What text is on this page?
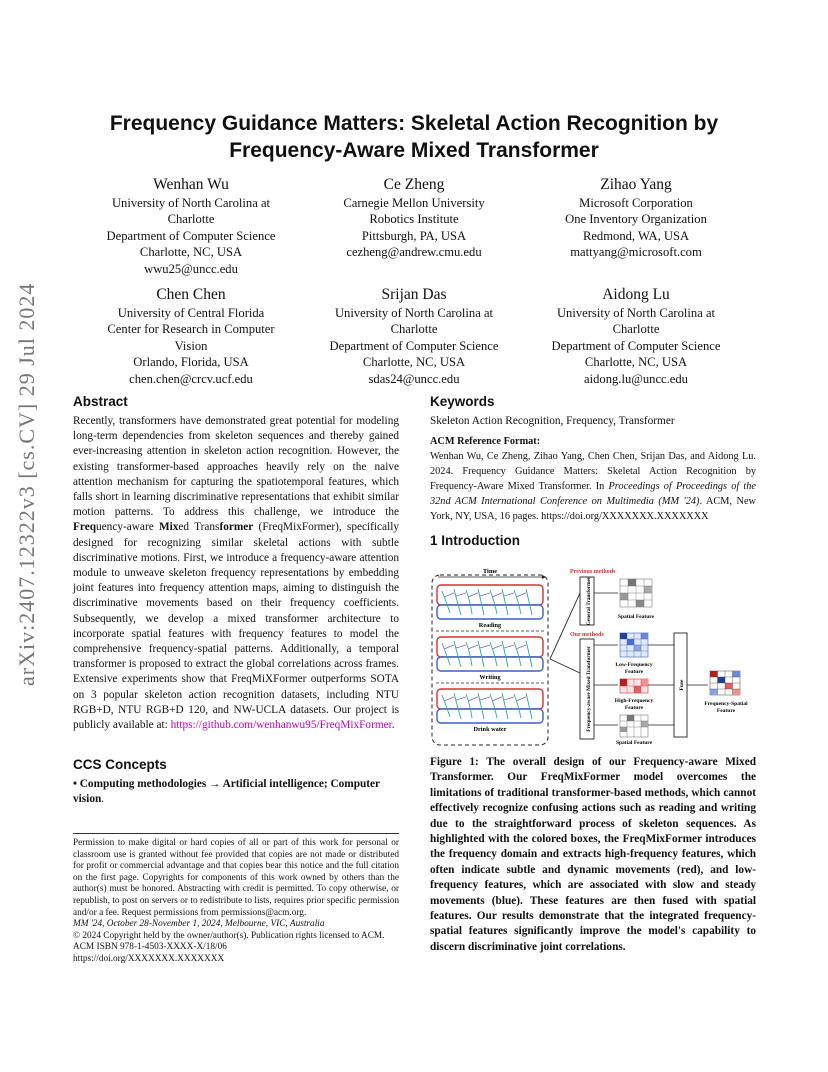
arXiv:2407.12322v3 [cs.CV] 29 Jul 2024
Frequency Guidance Matters: Skeletal Action Recognition by
Frequency-Aware Mixed Transformer
Wenhan Wu
University of North Carolina at
Charlotte
Department of Computer Science
Charlotte, NC, USA
wwu25@uncc.edu
Ce Zheng
Carnegie Mellon University
Robotics Institute
Pittsburgh, PA, USA
cezheng@andrew.cmu.edu
Zihao Yang
Microsoft Corporation
One Inventory Organization
Redmond, WA, USA
mattyang@microsoft.com
Chen Chen
University of Central Florida
Center for Research in Computer
Vision
Orlando, Florida, USA
chen.chen@crcv.ucf.edu
Srijan Das
University of North Carolina at
Charlotte
Department of Computer Science
Charlotte, NC, USA
sdas24@uncc.edu
Aidong Lu
University of North Carolina at
Charlotte
Department of Computer Science
Charlotte, NC, USA
aidong.lu@uncc.edu
Abstract
Recently, transformers have demonstrated great potential for modeling long-term dependencies from skeleton sequences and thereby gained ever-increasing attention in skeleton action recognition. However, the existing transformer-based approaches heavily rely on the naive attention mechanism for capturing the spatiotemporal features, which falls short in learning discriminative representations that exhibit similar motion patterns. To address this challenge, we introduce the Frequency-aware Mixed Transformer (FreqMixFormer), specifically designed for recognizing similar skeletal actions with subtle discriminative motions. First, we introduce a frequency-aware attention module to unweave skeleton frequency representations by embedding joint features into frequency attention maps, aiming to distinguish the discriminative movements based on their frequency coefficients. Subsequently, we develop a mixed transformer architecture to incorporate spatial features with frequency features to model the comprehensive frequency-spatial patterns. Additionally, a temporal transformer is proposed to extract the global correlations across frames. Extensive experiments show that FreqMiXFormer outperforms SOTA on 3 popular skeleton action recognition datasets, including NTU RGB+D, NTU RGB+D 120, and NW-UCLA datasets. Our project is publicly available at: https://github.com/wenhanwu95/FreqMixFormer.
CCS Concepts
• Computing methodologies → Artificial intelligence; Computer vision.
Permission to make digital or hard copies of all or part of this work for personal or classroom use is granted without fee provided that copies are not made or distributed for profit or commercial advantage and that copies bear this notice and the full citation on the first page. Copyrights for components of this work owned by others than the author(s) must be honored. Abstracting with credit is permitted. To copy otherwise, or republish, to post on servers or to redistribute to lists, requires prior specific permission and/or a fee. Request permissions from permissions@acm.org.
MM '24, October 28-November 1, 2024, Melbourne, VIC, Australia
© 2024 Copyright held by the owner/author(s). Publication rights licensed to ACM.
ACM ISBN 978-1-4503-XXXX-X/18/06
https://doi.org/XXXXXXX.XXXXXXX
Keywords
Skeleton Action Recognition, Frequency, Transformer
ACM Reference Format:
Wenhan Wu, Ce Zheng, Zihao Yang, Chen Chen, Srijan Das, and Aidong Lu. 2024. Frequency Guidance Matters: Skeletal Action Recognition by Frequency-Aware Mixed Transformer. In Proceedings of Proceedings of the 32nd ACM International Conference on Multimedia (MM '24). ACM, New York, NY, USA, 16 pages. https://doi.org/XXXXXXX.XXXXXXX
1 Introduction
Time
Reading
Writing
Drink water
Previous methods
General Transformer	Spatial Feature
Our methods
Frequency-aware Mixed Transformer	Low-Frequency
Feature
High-Frequency
Feature
Spatial Feature
Fuse
Frequency-Spatial
Feature
Figure 1: The overall design of our Frequency-aware Mixed Transformer. Our FreqMixFormer model overcomes the limitations of traditional transformer-based methods, which cannot effectively recognize confusing actions such as reading and writing due to the straightforward process of skeleton sequences. As highlighted with the colored boxes, the FreqMixFormer introduces the frequency domain and extracts high-frequency features, which often indicate subtle and dynamic movements (red), and low-frequency features, which are associated with slow and steady movements (blue). These features are then fused with spatial features. Our results demonstrate that the integrated frequency-spatial features significantly improve the model's capability to discern discriminative joint correlations.
